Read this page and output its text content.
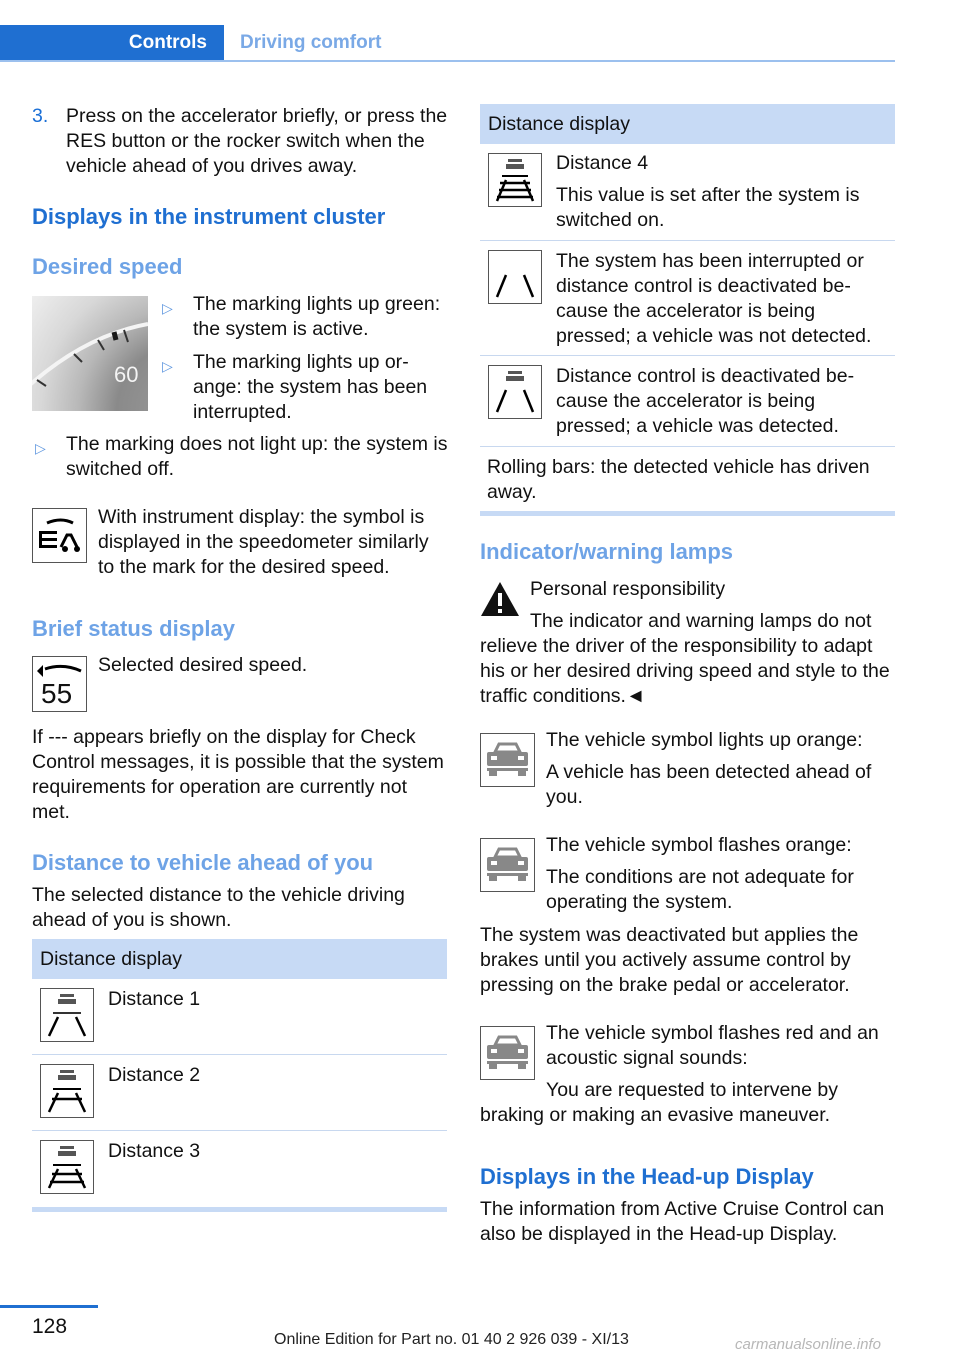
Controls	Driving comfort
3. Press on the accelerator briefly, or press the RES button or the rocker switch when the vehicle ahead of you drives away.
Displays in the instrument cluster
Desired speed
60
▷ The marking lights up green: the system is active.
▷ The marking lights up orange: the system has been interrupted.
▷ The marking does not light up: the system is switched off.
With instrument display: the symbol is displayed in the speedometer similarly to the mark for the desired speed.
Brief status display
55
Selected desired speed.
If --- appears briefly on the display for Check Control messages, it is possible that the system requirements for operation are currently not met.
Distance to vehicle ahead of you
The selected distance to the vehicle driving ahead of you is shown.
Distance display
Distance 1
Distance 2
Distance 3
Distance display
Distance 4
This value is set after the system is switched on.
The system has been interrupted or distance control is deactivated because the accelerator is being pressed; a vehicle was not detected.
Distance control is deactivated because the accelerator is being pressed; a vehicle was detected.
Rolling bars: the detected vehicle has driven away.
Indicator/warning lamps
Personal responsibility
The indicator and warning lamps do not relieve the driver of the responsibility to adapt his or her desired driving speed and style to the traffic conditions.◄
The vehicle symbol lights up orange:
A vehicle has been detected ahead of you.
The vehicle symbol flashes orange:
The conditions are not adequate for operating the system.
The system was deactivated but applies the brakes until you actively assume control by pressing on the brake pedal or accelerator.
The vehicle symbol flashes red and an acoustic signal sounds:
You are requested to intervene by braking or making an evasive maneuver.
Displays in the Head-up Display
The information from Active Cruise Control can also be displayed in the Head-up Display.
128
Online Edition for Part no. 01 40 2 926 039 - XI/13	carmanualsonline.info
